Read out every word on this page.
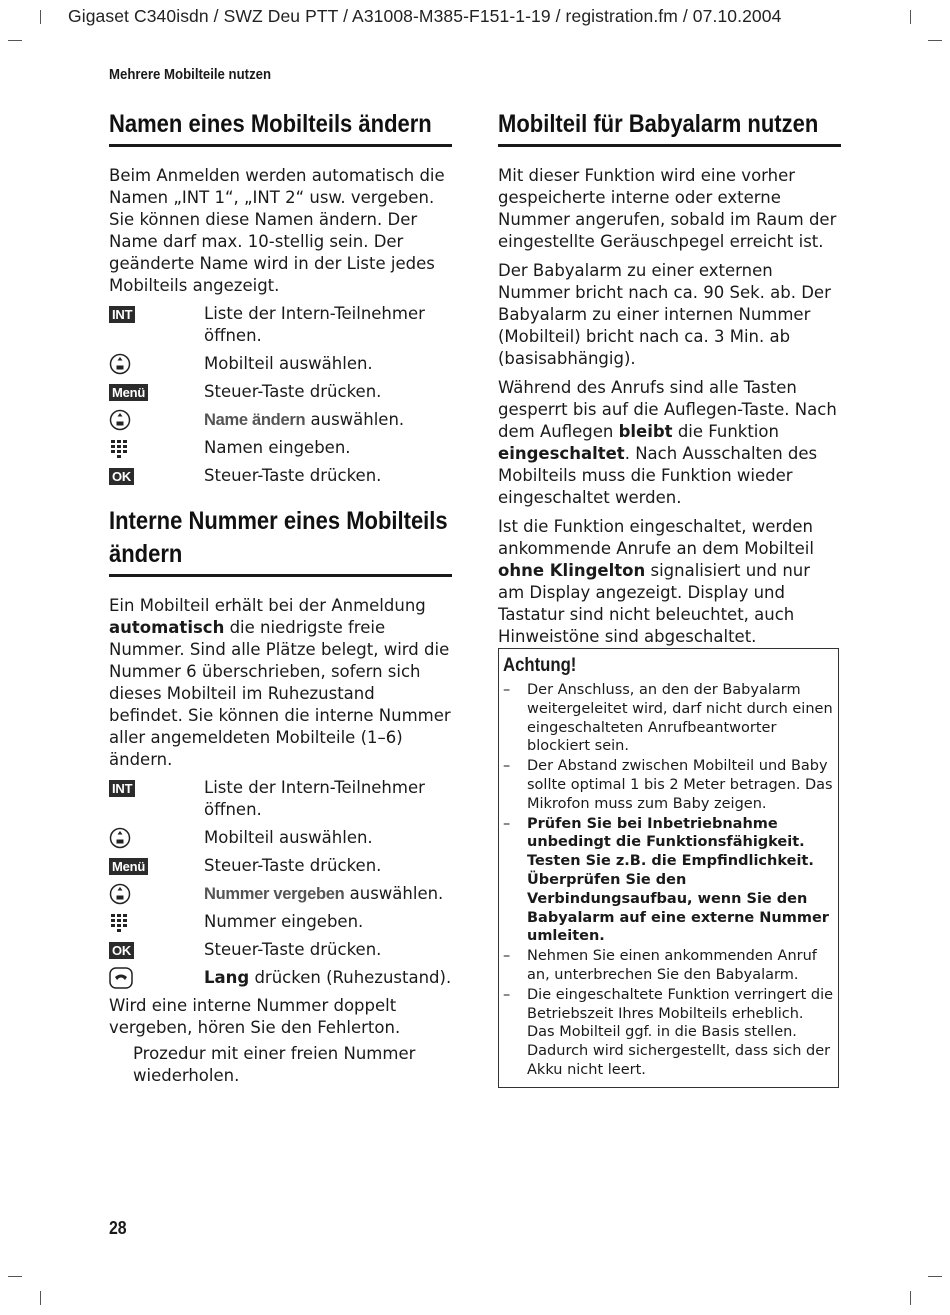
Gigaset C340isdn / SWZ Deu PTT / A31008-M385-F151-1-19 / registration.fm / 07.10.2004
Mehrere Mobilteile nutzen
Namen eines Mobilteils ändern

Beim Anmelden werden automatisch die Namen „INT 1“, „INT 2“ usw. vergeben. Sie können diese Namen ändern. Der Name darf max. 10-stellig sein. Der geänderte Name wird in der Liste jedes Mobilteils angezeigt.

INT	Liste der Intern-Teilnehmer öffnen.
Mobilteil auswählen.
Menü	Steuer-Taste drücken.
Name ändern auswählen.
Namen eingeben.
OK	Steuer-Taste drücken.
Interne Nummer eines Mobilteils
ändern

Ein Mobilteil erhält bei der Anmeldung automatisch die niedrigste freie Nummer. Sind alle Plätze belegt, wird die Nummer 6 überschrieben, sofern sich dieses Mobilteil im Ruhezustand befindet. Sie können die interne Nummer aller angemeldeten Mobilteile (1–6) ändern.

INT	Liste der Intern-Teilnehmer öffnen.
Mobilteil auswählen.
Menü	Steuer-Taste drücken.
Nummer vergeben auswählen.
Nummer eingeben.
OK	Steuer-Taste drücken.
Lang drücken (Ruhezustand).

Wird eine interne Nummer doppelt vergeben, hören Sie den Fehlerton.

Prozedur mit einer freien Nummer wiederholen.

Mobilteil für Babyalarm nutzen

Mit dieser Funktion wird eine vorher gespeicherte interne oder externe Nummer angerufen, sobald im Raum der eingestellte Geräuschpegel erreicht ist.

Der Babyalarm zu einer externen Nummer bricht nach ca. 90 Sek. ab. Der Babyalarm zu einer internen Nummer (Mobilteil) bricht nach ca. 3 Min. ab (basisabhängig).

Während des Anrufs sind alle Tasten gesperrt bis auf die Auflegen-Taste. Nach dem Auflegen bleibt die Funktion eingeschaltet. Nach Ausschalten des Mobilteils muss die Funktion wieder eingeschaltet werden.

Ist die Funktion eingeschaltet, werden ankommende Anrufe an dem Mobilteil ohne Klingelton signalisiert und nur am Display angezeigt. Display und Tastatur sind nicht beleuchtet, auch Hinweistöne sind abgeschaltet.

Achtung!
–	Der Anschluss, an den der Babyalarm weitergeleitet wird, darf nicht durch einen eingeschalteten Anrufbeantworter blockiert sein.
–	Der Abstand zwischen Mobilteil und Baby sollte optimal 1 bis 2 Meter betragen. Das Mikrofon muss zum Baby zeigen.
–	Prüfen Sie bei Inbetriebnahme unbedingt die Funktionsfähigkeit. Testen Sie z.B. die Empfindlichkeit. Überprüfen Sie den Verbindungsaufbau, wenn Sie den Babyalarm auf eine externe Nummer umleiten.
–	Nehmen Sie einen ankommenden Anruf an, unterbrechen Sie den Babyalarm.
–	Die eingeschaltete Funktion verringert die Betriebszeit Ihres Mobilteils erheblich. Das Mobilteil ggf. in die Basis stellen. Dadurch wird sichergestellt, dass sich der Akku nicht leert.
28
